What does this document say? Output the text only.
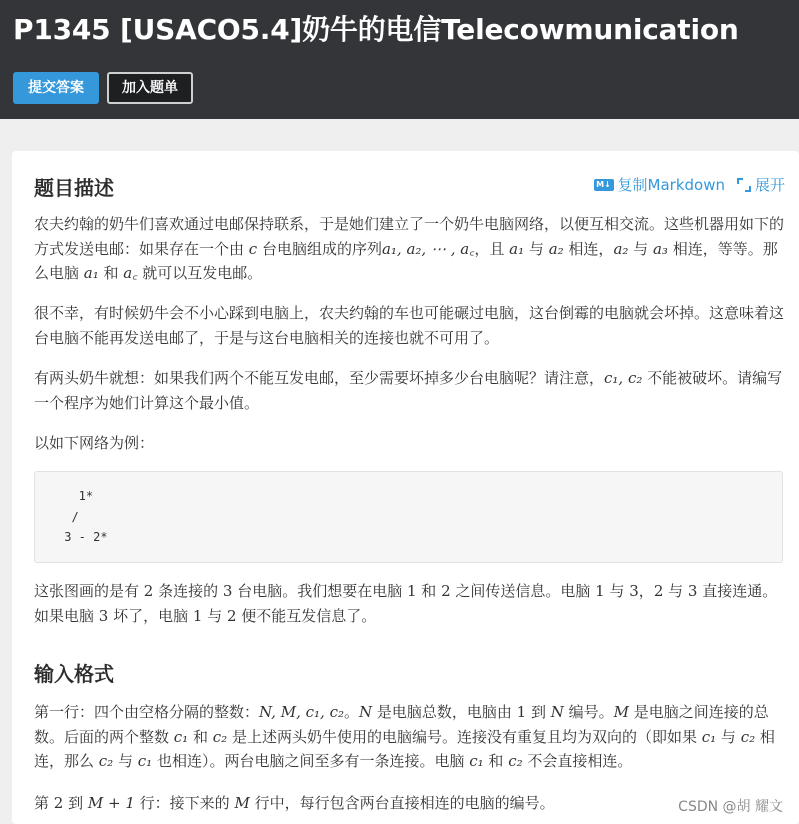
P1345 [USACO5.4]奶牛的电信Telecowmunication
提交答案	加入题单
题目描述	M↓ 复制Markdown 展开
农夫约翰的奶牛们喜欢通过电邮保持联系，于是她们建立了一个奶牛电脑网络，以便互相交流。这些机器用如下的方式发送电邮：如果存在一个由 c 台电脑组成的序列a₁, a₂, ⋯ , a꜀，且 a₁ 与 a₂ 相连，a₂ 与 a₃ 相连，等等。那么电脑 a₁ 和 a꜀ 就可以互发电邮。
很不幸，有时候奶牛会不小心踩到电脑上，农夫约翰的车也可能碾过电脑，这台倒霉的电脑就会坏掉。这意味着这台电脑不能再发送电邮了，于是与这台电脑相关的连接也就不可用了。
有两头奶牛就想：如果我们两个不能互发电邮，至少需要坏掉多少台电脑呢？请注意，c₁, c₂ 不能被破坏。请编写一个程序为她们计算这个最小值。
以如下网络为例：
1*
/
3 - 2*
这张图画的是有 2 条连接的 3 台电脑。我们想要在电脑 1 和 2 之间传送信息。电脑 1 与 3，2 与 3 直接连通。如果电脑 3 坏了，电脑 1 与 2 便不能互发信息了。
输入格式
第一行：四个由空格分隔的整数：N, M, c₁, c₂。N 是电脑总数，电脑由 1 到 N 编号。M 是电脑之间连接的总数。后面的两个整数 c₁ 和 c₂ 是上述两头奶牛使用的电脑编号。连接没有重复且均为双向的（即如果 c₁ 与 c₂ 相连，那么 c₂ 与 c₁ 也相连）。两台电脑之间至多有一条连接。电脑 c₁ 和 c₂ 不会直接相连。
第 2 到 M + 1 行：接下来的 M 行中，每行包含两台直接相连的电脑的编号。	CSDN @胡 耀文
